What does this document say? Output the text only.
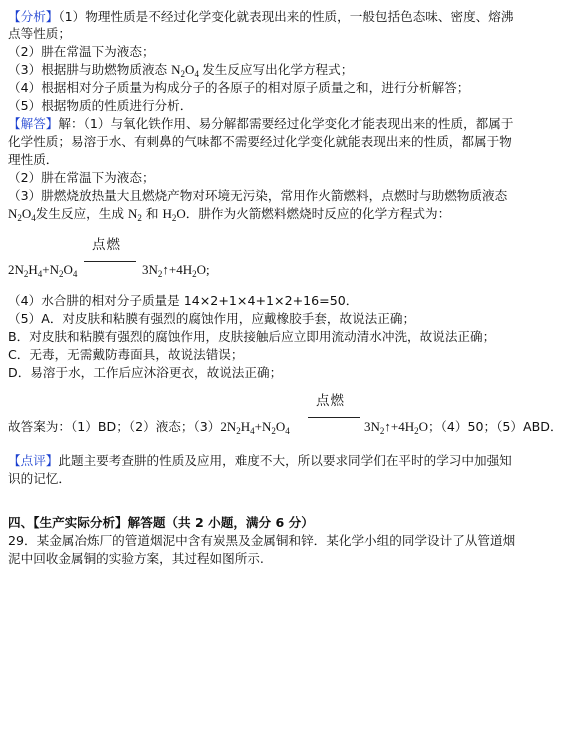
【分析】（1）物理性质是不经过化学变化就表现出来的性质，一般包括色态味、密度、熔沸
点等性质；
（2）肼在常温下为液态；
（3）根据肼与助燃物质液态 $N_2O_4$ 发生反应写出化学方程式；
（4）根据相对分子质量为构成分子的各原子的相对原子质量之和，进行分析解答；
（5）根据物质的性质进行分析．
【解答】解：（1）与氧化铁作用、易分解都需要经过化学变化才能表现出来的性质，都属于
化学性质；易溶于水、有刺鼻的气味都不需要经过化学变化就能表现出来的性质，都属于物
理性质．
（2）肼在常温下为液态；
（3）肼燃烧放热量大且燃烧产物对环境无污染，常用作火箭燃料，点燃时与助燃物质液态
$N_2O_4$发生反应，生成 $N_2$ 和 $H_2O$．肼作为火箭燃料燃烧时反应的化学方程式为：
点燃
$2N_2H_4+N_2O_4$	$3N_2↑+4H_2O$;
（4）水合肼的相对分子质量是 14×2+1×4+1×2+16=50．
（5）A．对皮肤和粘膜有强烈的腐蚀作用，应戴橡胶手套，故说法正确；
B．对皮肤和粘膜有强烈的腐蚀作用，皮肤接触后应立即用流动清水冲洗，故说法正确；
C．无毒，无需戴防毒面具，故说法错误；
D．易溶于水，工作后应沐浴更衣，故说法正确；
点燃
故答案为：（1）BD；（2）液态；$(3)2N_2H_4+N_2O_4$	$3N_2↑+4H_2O$；（4）50；（5）ABD．
【点评】此题主要考查肼的性质及应用，难度不大，所以要求同学们在平时的学习中加强知
识的记忆．
四、【生产实际分析】解答题（共 2 小题，满分 6 分）
29．某金属冶炼厂的管道烟泥中含有炭黑及金属铜和锌．某化学小组的同学设计了从管道烟
泥中回收金属铜的实验方案，其过程如图所示.
